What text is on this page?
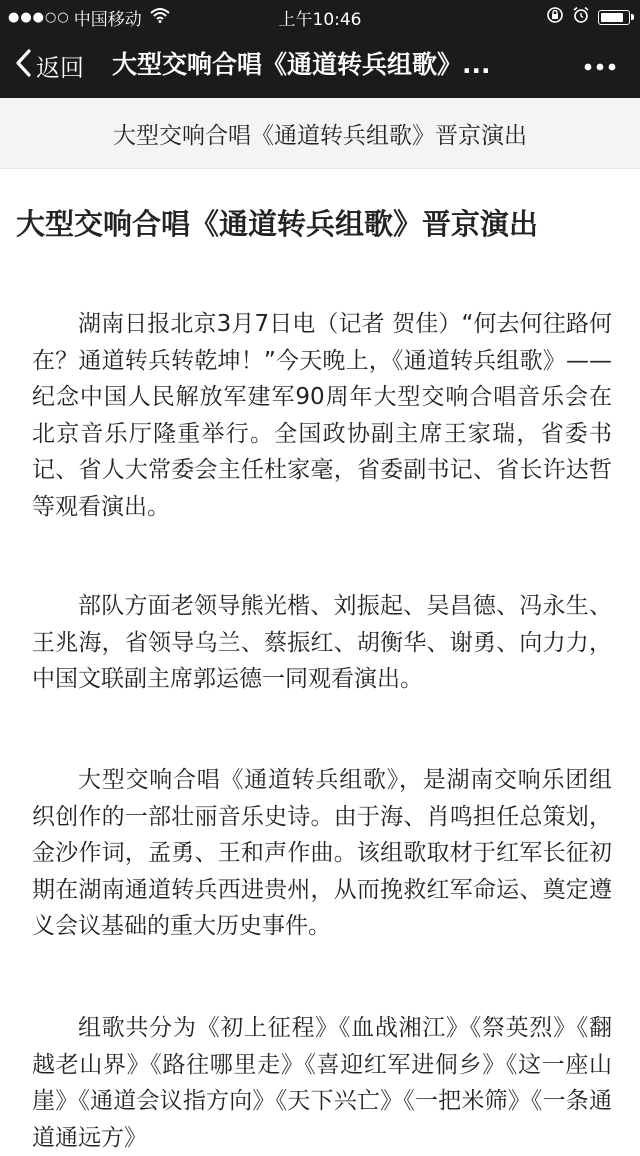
●●●○○ 中国移动	上午10:46
返回 大型交响合唱《通道转兵组歌》...
大型交响合唱《通道转兵组歌》晋京演出
大型交响合唱《通道转兵组歌》晋京演出

湖南日报北京3月7日电（记者 贺佳）“何去何往路何在？通道转兵转乾坤！”今天晚上，《通道转兵组歌》——纪念中国人民解放军建军90周年大型交响合唱音乐会在北京音乐厅隆重举行。全国政协副主席王家瑞，省委书记、省人大常委会主任杜家毫，省委副书记、省长许达哲等观看演出。

部队方面老领导熊光楷、刘振起、吴昌德、冯永生、王兆海，省领导乌兰、蔡振红、胡衡华、谢勇、向力力，中国文联副主席郭运德一同观看演出。

大型交响合唱《通道转兵组歌》，是湖南交响乐团组织创作的一部壮丽音乐史诗。由于海、肖鸣担任总策划，金沙作词，孟勇、王和声作曲。该组歌取材于红军长征初期在湖南通道转兵西进贵州，从而挽救红军命运、奠定遵义会议基础的重大历史事件。

组歌共分为《初上征程》《血战湘江》《祭英烈》《翻越老山界》《路往哪里走》《喜迎红军进侗乡》《这一座山崖》《通道会议指方向》《天下兴亡》《一把米筛》《一条通道通远方》
